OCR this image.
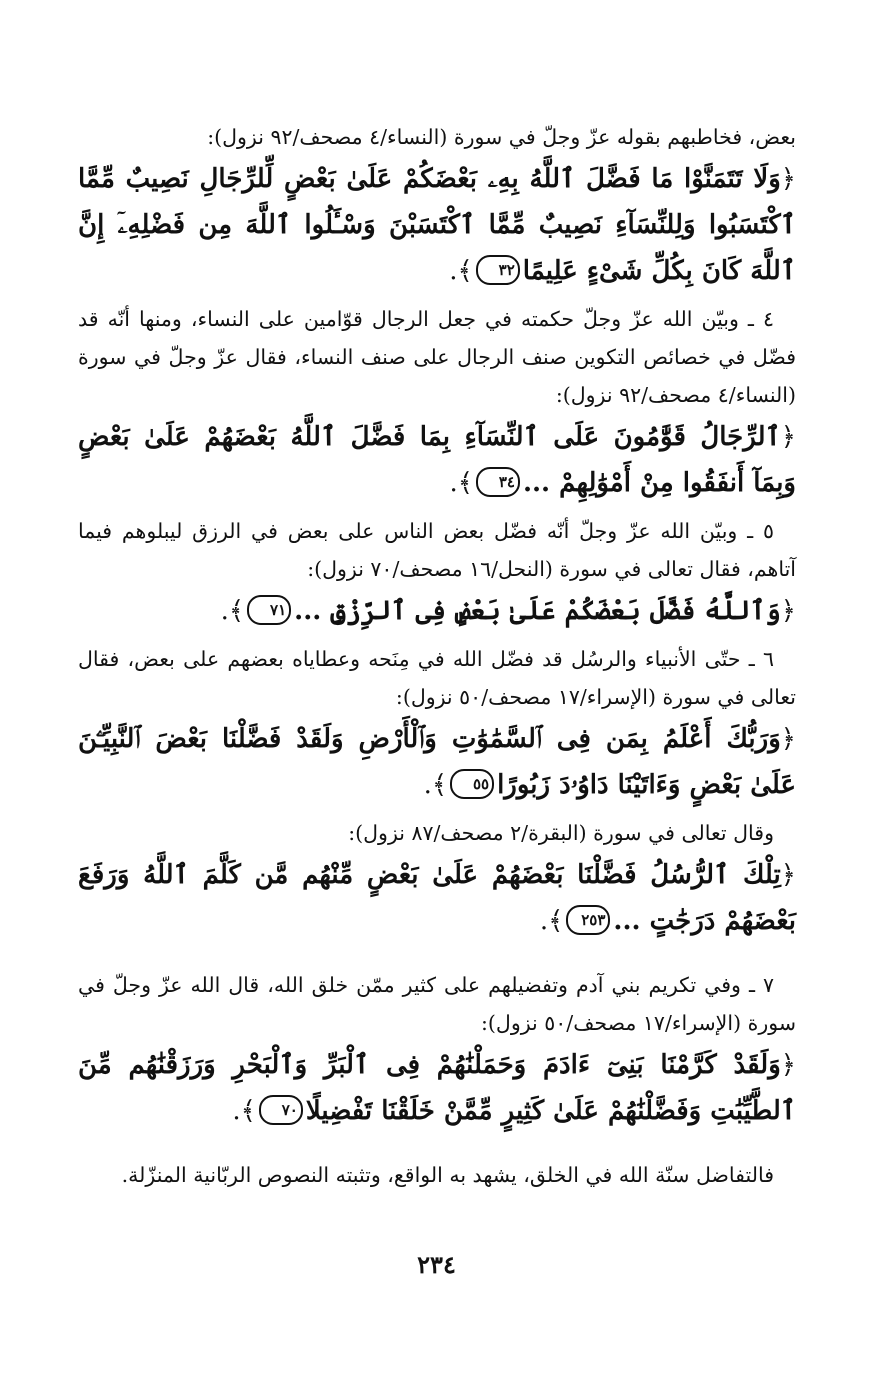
بعض، فخاطبهم بقوله عزّ وجلّ في سورة (النساء/٤ مصحف/٩٢ نزول):

﴿وَلَا تَتَمَنَّوْا مَا فَضَّلَ ٱللَّهُ بِهِۦ بَعْضَكُمْ عَلَىٰ بَعْضٍ لِّلرِّجَالِ نَصِيبٌ مِّمَّا ٱكْتَسَبُوا وَلِلنِّسَآءِ نَصِيبٌ مِّمَّا ٱكْتَسَبْنَ وَسْـَٔلُوا ٱللَّهَ مِن فَضْلِهِۦٓ إِنَّ ٱللَّهَ كَانَ بِكُلِّ شَىْءٍ عَلِيمًا٣٢﴾.

٤ ـ وبيّن الله عزّ وجلّ حكمته في جعل الرجال قوّامين على النساء، ومنها أنّه قد فضّل في خصائص التكوين صنف الرجال على صنف النساء، فقال عزّ وجلّ في سورة (النساء/٤ مصحف/٩٢ نزول):

﴿ٱلرِّجَالُ قَوَّٰمُونَ عَلَى ٱلنِّسَآءِ بِمَا فَضَّلَ ٱللَّهُ بَعْضَهُمْ عَلَىٰ بَعْضٍ وَبِمَآ أَنفَقُوا مِنْ أَمْوَٰلِهِمْ ...٣٤﴾.

٥ ـ وبيّن الله عزّ وجلّ أنّه فضّل بعض الناس على بعض في الرزق ليبلوهم فيما آتاهم، فقال تعالى في سورة (النحل/١٦ مصحف/٧٠ نزول):

﴿وَٱللَّهُ فَضَّلَ بَعْضَكُمْ عَلَىٰ بَعْضٍ فِى ٱلرِّزْقِ ...٧١﴾.

٦ ـ حتّى الأنبياء والرسُل قد فضّل الله في مِنَحه وعطاياه بعضهم على بعض، فقال تعالى في سورة (الإسراء/١٧ مصحف/٥٠ نزول):

﴿وَرَبُّكَ أَعْلَمُ بِمَن فِى ٱلسَّمَٰوَٰتِ وَٱلْأَرْضِ وَلَقَدْ فَضَّلْنَا بَعْضَ ٱلنَّبِيِّـۧنَ عَلَىٰ بَعْضٍ وَءَاتَيْنَا دَاوُۥدَ زَبُورًا٥٥﴾.

وقال تعالى في سورة (البقرة/٢ مصحف/٨٧ نزول):

﴿تِلْكَ ٱلرُّسُلُ فَضَّلْنَا بَعْضَهُمْ عَلَىٰ بَعْضٍ مِّنْهُم مَّن كَلَّمَ ٱللَّهُ وَرَفَعَ بَعْضَهُمْ دَرَجَٰتٍ ...٢٥٣﴾.

٧ ـ وفي تكريم بني آدم وتفضيلهم على كثير ممّن خلق الله، قال الله عزّ وجلّ في سورة (الإسراء/١٧ مصحف/٥٠ نزول):

﴿وَلَقَدْ كَرَّمْنَا بَنِىٓ ءَادَمَ وَحَمَلْنَٰهُمْ فِى ٱلْبَرِّ وَٱلْبَحْرِ وَرَزَقْنَٰهُم مِّنَ ٱلطَّيِّبَٰتِ وَفَضَّلْنَٰهُمْ عَلَىٰ كَثِيرٍ مِّمَّنْ خَلَقْنَا تَفْضِيلًا٧٠﴾.

فالتفاضل سنّة الله في الخلق، يشهد به الواقع، وتثبته النصوص الربّانية المنزّلة.

٢٣٤
